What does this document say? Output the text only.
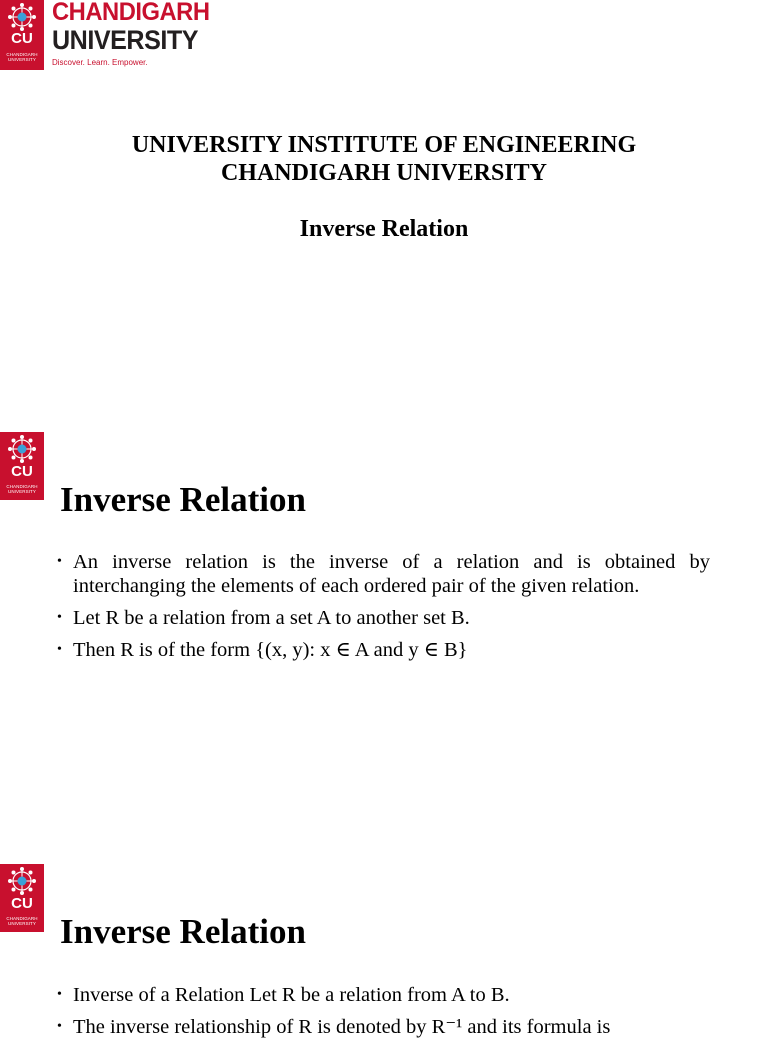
CU
CHANDIGARH
UNIVERSITY
CHANDIGARH
UNIVERSITY
Discover. Learn. Empower.
UNIVERSITY INSTITUTE OF ENGINEERING
CHANDIGARH UNIVERSITY
Inverse Relation
CU
CHANDIGARH
UNIVERSITY Inverse Relation
• An inverse relation is the inverse of a relation and is obtained by interchanging the elements of each ordered pair of the given relation.
• Let R be a relation from a set A to another set B.
• Then R is of the form {(x, y): x ∈ A and y ∈ B}
CU
CHANDIGARH
UNIVERSITY Inverse Relation
• Inverse of a Relation Let R be a relation from A to B.
• The inverse relationship of R is denoted by R⁻¹ and its formula is
